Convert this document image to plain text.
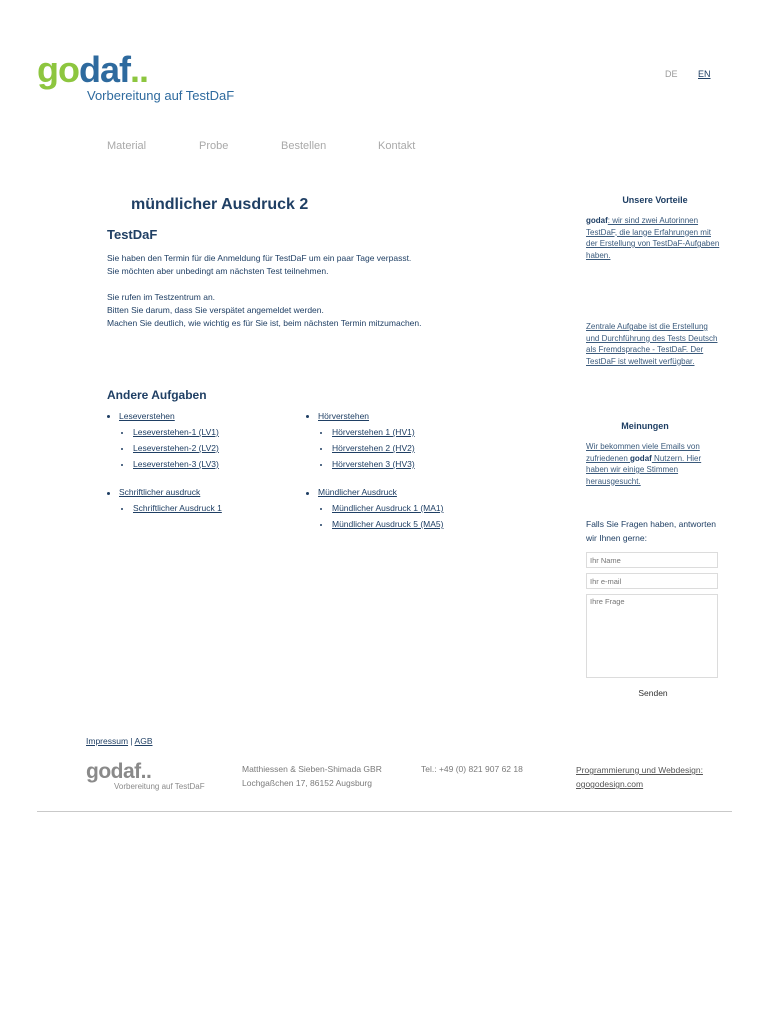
godaf..
Vorbereitung auf TestDaF
DE EN
Material	Probe	Bestellen	Kontakt
mündlicher Ausdruck 2
TestDaF
Sie haben den Termin für die Anmeldung für TestDaF um ein paar Tage verpasst.
Sie möchten aber unbedingt am nächsten Test teilnehmen.
Sie rufen im Testzentrum an.
Bitten Sie darum, dass Sie verspätet angemeldet werden.
Machen Sie deutlich, wie wichtig es für Sie ist, beim nächsten Termin mitzumachen.
Andere Aufgaben
Leseverstehen
Leseverstehen-1 (LV1)
Leseverstehen-2 (LV2)
Leseverstehen-3 (LV3)
Hörverstehen
Hörverstehen 1 (HV1)
Hörverstehen 2 (HV2)
Hörverstehen 3 (HV3)
Schriftlicher ausdruck
Schriftlicher Ausdruck 1
Mündlicher Ausdruck
Mündlicher Ausdruck 1 (MA1)
Mündlicher Ausdruck 5 (MA5)
Unsere Vorteile
godaf: wir sind zwei Autorinnen TestDaF, die lange Erfahrungen mit der Erstellung von TestDaF-Aufgaben haben.
Zentrale Aufgabe ist die Erstellung und Durchführung des Tests Deutsch als Fremdsprache - TestDaF. Der TestDaF ist weltweit verfügbar.
Meinungen
Wir bekommen viele Emails von zufriedenen godaf Nutzern. Hier haben wir einige Stimmen herausgesucht.
Falls Sie Fragen haben, antworten wir Ihnen gerne:
Ihr Name
Ihr e-mail
Ihre Frage
Senden
Impressum | AGB
godaf..
Vorbereitung auf TestDaF
Matthiessen & Sieben-Shimada GBR
Lochgaßchen 17, 86152 Augsburg
Tel.: +49 (0) 821 907 62 18	Programmierung und Webdesign:
ogogodesign.com
